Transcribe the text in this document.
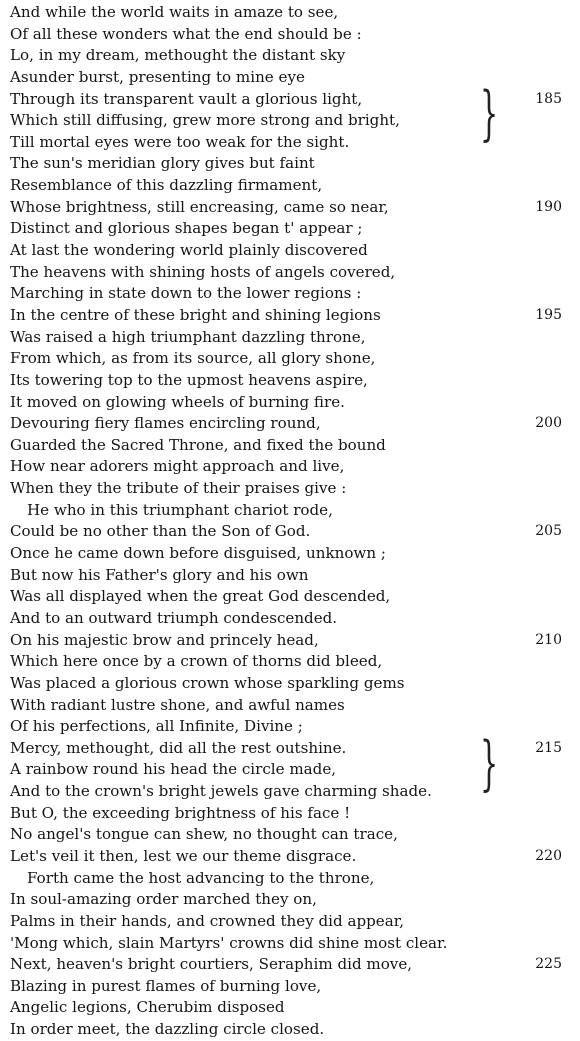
And while the world waits in amaze to see,
Of all these wonders what the end should be :
Lo, in my dream, methought the distant sky
Asunder burst, presenting to mine eye
Through its transparent vault a glorious light,	185
Which still diffusing, grew more strong and bright,
Till mortal eyes were too weak for the sight.
The sun's meridian glory gives but faint
Resemblance of this dazzling firmament,
Whose brightness, still encreasing, came so near,	190
Distinct and glorious shapes began t' appear ;
At last the wondering world plainly discovered
The heavens with shining hosts of angels covered,
Marching in state down to the lower regions :
In the centre of these bright and shining legions	195
Was raised a high triumphant dazzling throne,
From which, as from its source, all glory shone,
Its towering top to the upmost heavens aspire,
It moved on glowing wheels of burning fire.
Devouring fiery flames encircling round,	200
Guarded the Sacred Throne, and fixed the bound
How near adorers might approach and live,
When they the tribute of their praises give :
He who in this triumphant chariot rode,
Could be no other than the Son of God.	205
Once he came down before disguised, unknown ;
But now his Father's glory and his own
Was all displayed when the great God descended,
And to an outward triumph condescended.
On his majestic brow and princely head,	210
Which here once by a crown of thorns did bleed,
Was placed a glorious crown whose sparkling gems
With radiant lustre shone, and awful names
Of his perfections, all Infinite, Divine ;
Mercy, methought, did all the rest outshine.	215
A rainbow round his head the circle made,
And to the crown's bright jewels gave charming shade.
But O, the exceeding brightness of his face !
No angel's tongue can shew, no thought can trace,
Let's veil it then, lest we our theme disgrace.	220
Forth came the host advancing to the throne,
In soul-amazing order marched they on,
Palms in their hands, and crowned they did appear,
'Mong which, slain Martyrs' crowns did shine most clear.
Next, heaven's bright courtiers, Seraphim did move,	225
Blazing in purest flames of burning love,
Angelic legions, Cherubim disposed
In order meet, the dazzling circle closed.
}
}
